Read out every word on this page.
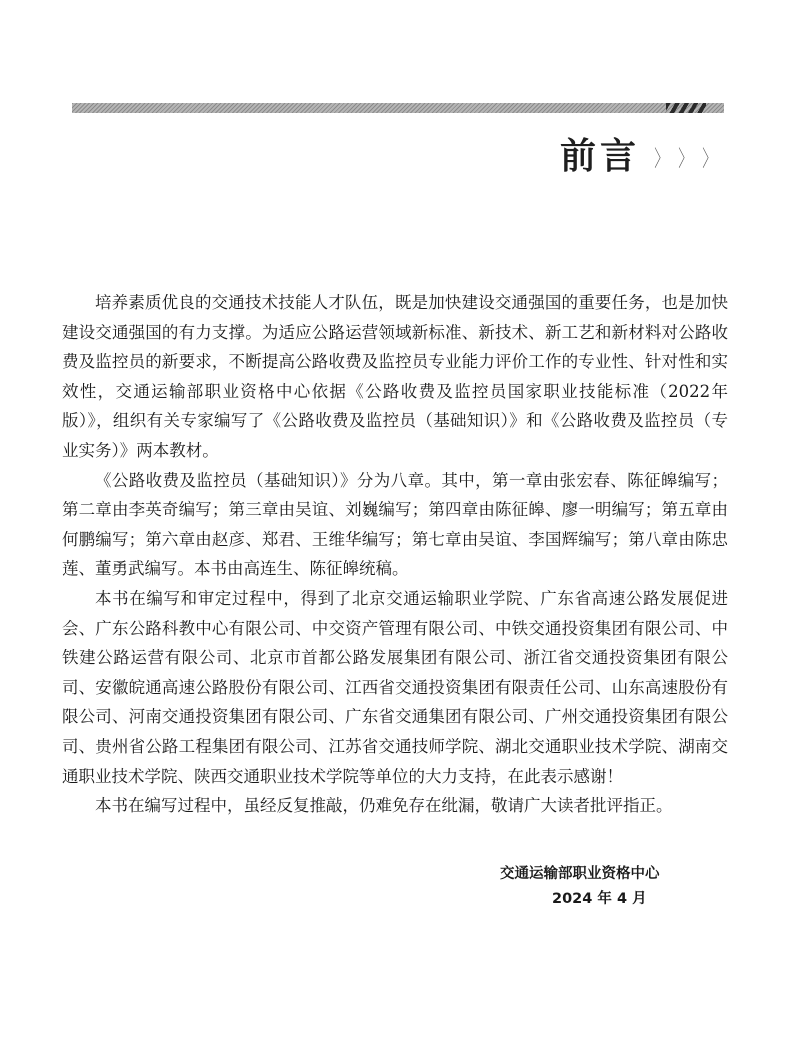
前言 〉 〉 〉

培养素质优良的交通技术技能人才队伍，既是加快建设交通强国的重要任务，也是加快建设交通强国的有力支撑。为适应公路运营领域新标准、新技术、新工艺和新材料对公路收费及监控员的新要求，不断提高公路收费及监控员专业能力评价工作的专业性、针对性和实效性，交通运输部职业资格中心依据《公路收费及监控员国家职业技能标准（2022年版）》，组织有关专家编写了《公路收费及监控员（基础知识）》和《公路收费及监控员（专业实务）》两本教材。

《公路收费及监控员（基础知识）》分为八章。其中，第一章由张宏春、陈征皞编写；第二章由李英奇编写；第三章由吴谊、刘巍编写；第四章由陈征皞、廖一明编写；第五章由何鹏编写；第六章由赵彦、郑君、王维华编写；第七章由吴谊、李国辉编写；第八章由陈忠莲、董勇武编写。本书由高连生、陈征皞统稿。

本书在编写和审定过程中，得到了北京交通运输职业学院、广东省高速公路发展促进会、广东公路科教中心有限公司、中交资产管理有限公司、中铁交通投资集团有限公司、中铁建公路运营有限公司、北京市首都公路发展集团有限公司、浙江省交通投资集团有限公司、安徽皖通高速公路股份有限公司、江西省交通投资集团有限责任公司、山东高速股份有限公司、河南交通投资集团有限公司、广东省交通集团有限公司、广州交通投资集团有限公司、贵州省公路工程集团有限公司、江苏省交通技师学院、湖北交通职业技术学院、湖南交通职业技术学院、陕西交通职业技术学院等单位的大力支持，在此表示感谢！

本书在编写过程中，虽经反复推敲，仍难免存在纰漏，敬请广大读者批评指正。

交通运输部职业资格中心
2024 年 4 月
